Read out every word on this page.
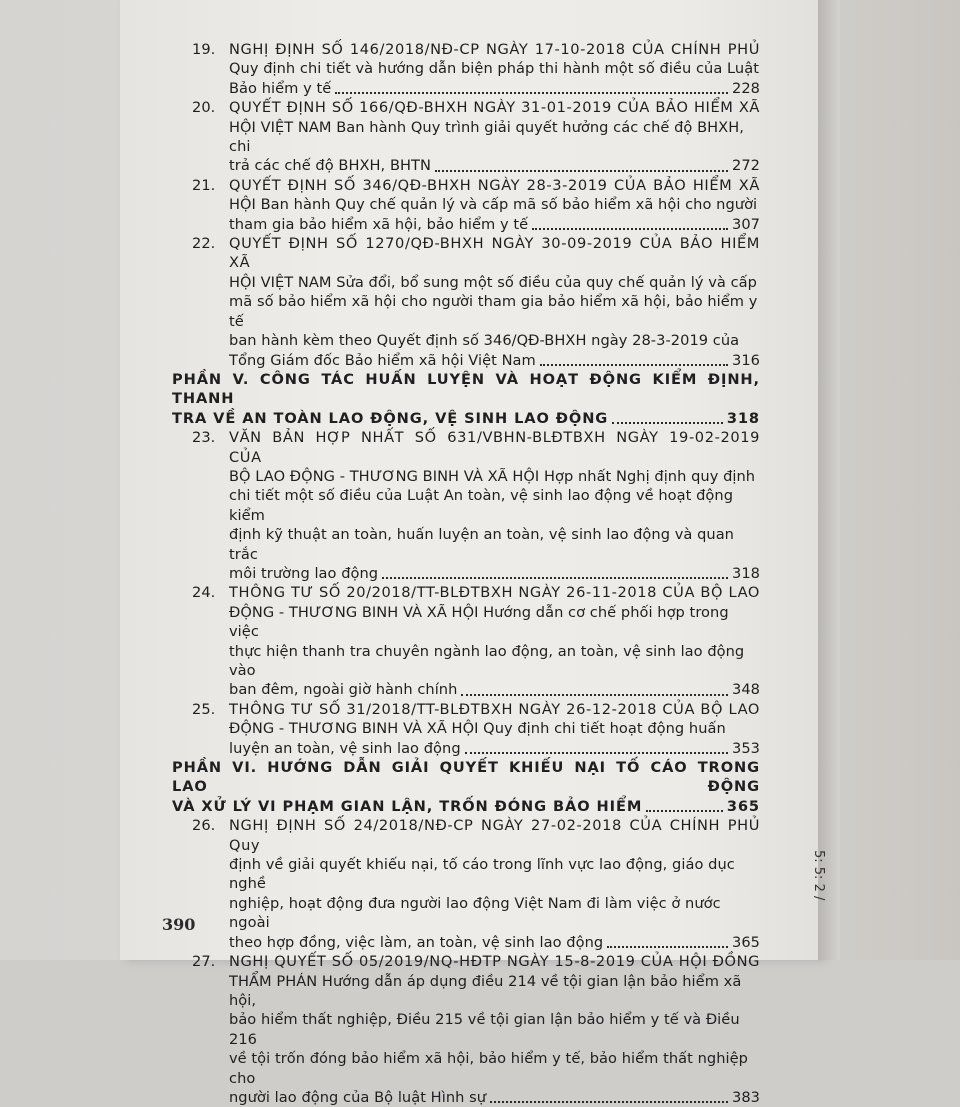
19. NGHỊ ĐỊNH SỐ 146/2018/NĐ-CP NGÀY 17-10-2018 CỦA CHÍNH PHỦ
Quy định chi tiết và hướng dẫn biện pháp thi hành một số điều của Luật
Bảo hiểm y tế	228
20. QUYẾT ĐỊNH SỐ 166/QĐ-BHXH NGÀY 31-01-2019 CỦA BẢO HIỂM XÃ
HỘI VIỆT NAM Ban hành Quy trình giải quyết hưởng các chế độ BHXH, chi
trả các chế độ BHXH, BHTN	272
21. QUYẾT ĐỊNH SỐ 346/QĐ-BHXH NGÀY 28-3-2019 CỦA BẢO HIỂM XÃ
HỘI Ban hành Quy chế quản lý và cấp mã số bảo hiểm xã hội cho người
tham gia bảo hiểm xã hội, bảo hiểm y tế	307
22. QUYẾT ĐỊNH SỐ 1270/QĐ-BHXH NGÀY 30-09-2019 CỦA BẢO HIỂM XÃ
HỘI VIỆT NAM Sửa đổi, bổ sung một số điều của quy chế quản lý và cấp
mã số bảo hiểm xã hội cho người tham gia bảo hiểm xã hội, bảo hiểm y tế
ban hành kèm theo Quyết định số 346/QĐ-BHXH ngày 28-3-2019 của
Tổng Giám đốc Bảo hiểm xã hội Việt Nam	316
PHẦN V. CÔNG TÁC HUẤN LUYỆN VÀ HOẠT ĐỘNG KIỂM ĐỊNH, THANH
TRA VỀ AN TOÀN LAO ĐỘNG, VỆ SINH LAO ĐỘNG	318
23. VĂN BẢN HỢP NHẤT SỐ 631/VBHN-BLĐTBXH NGÀY 19-02-2019 CỦA
BỘ LAO ĐỘNG - THƯƠNG BINH VÀ XÃ HỘI Hợp nhất Nghị định quy định
chi tiết một số điều của Luật An toàn, vệ sinh lao động về hoạt động kiểm
định kỹ thuật an toàn, huấn luyện an toàn, vệ sinh lao động và quan trắc
môi trường lao động	318
24. THÔNG TƯ SỐ 20/2018/TT-BLĐTBXH NGÀY 26-11-2018 CỦA BỘ LAO
ĐỘNG - THƯƠNG BINH VÀ XÃ HỘI Hướng dẫn cơ chế phối hợp trong việc
thực hiện thanh tra chuyên ngành lao động, an toàn, vệ sinh lao động vào
ban đêm, ngoài giờ hành chính	348
25. THÔNG TƯ SỐ 31/2018/TT-BLĐTBXH NGÀY 26-12-2018 CỦA BỘ LAO
ĐỘNG - THƯƠNG BINH VÀ XÃ HỘI Quy định chi tiết hoạt động huấn
luyện an toàn, vệ sinh lao động	353
PHẦN VI. HƯỚNG DẪN GIẢI QUYẾT KHIẾU NẠI TỐ CÁO TRONG LAO ĐỘNG
VÀ XỬ LÝ VI PHẠM GIAN LẬN, TRỐN ĐÓNG BẢO HIỂM	365
26. NGHỊ ĐỊNH SỐ 24/2018/NĐ-CP NGÀY 27-02-2018 CỦA CHÍNH PHỦ Quy
định về giải quyết khiếu nại, tố cáo trong lĩnh vực lao động, giáo dục nghề
nghiệp, hoạt động đưa người lao động Việt Nam đi làm việc ở nước ngoài
theo hợp đồng, việc làm, an toàn, vệ sinh lao động	365
27. NGHỊ QUYẾT SỐ 05/2019/NQ-HĐTP NGÀY 15-8-2019 CỦA HỘI ĐỒNG
THẨM PHÁN Hướng dẫn áp dụng điều 214 về tội gian lận bảo hiểm xã hội,
bảo hiểm thất nghiệp, Điều 215 về tội gian lận bảo hiểm y tế và Điều 216
về tội trốn đóng bảo hiểm xã hội, bảo hiểm y tế, bảo hiểm thất nghiệp cho
người lao động của Bộ luật Hình sự	383
390
5: 5: 2 /
